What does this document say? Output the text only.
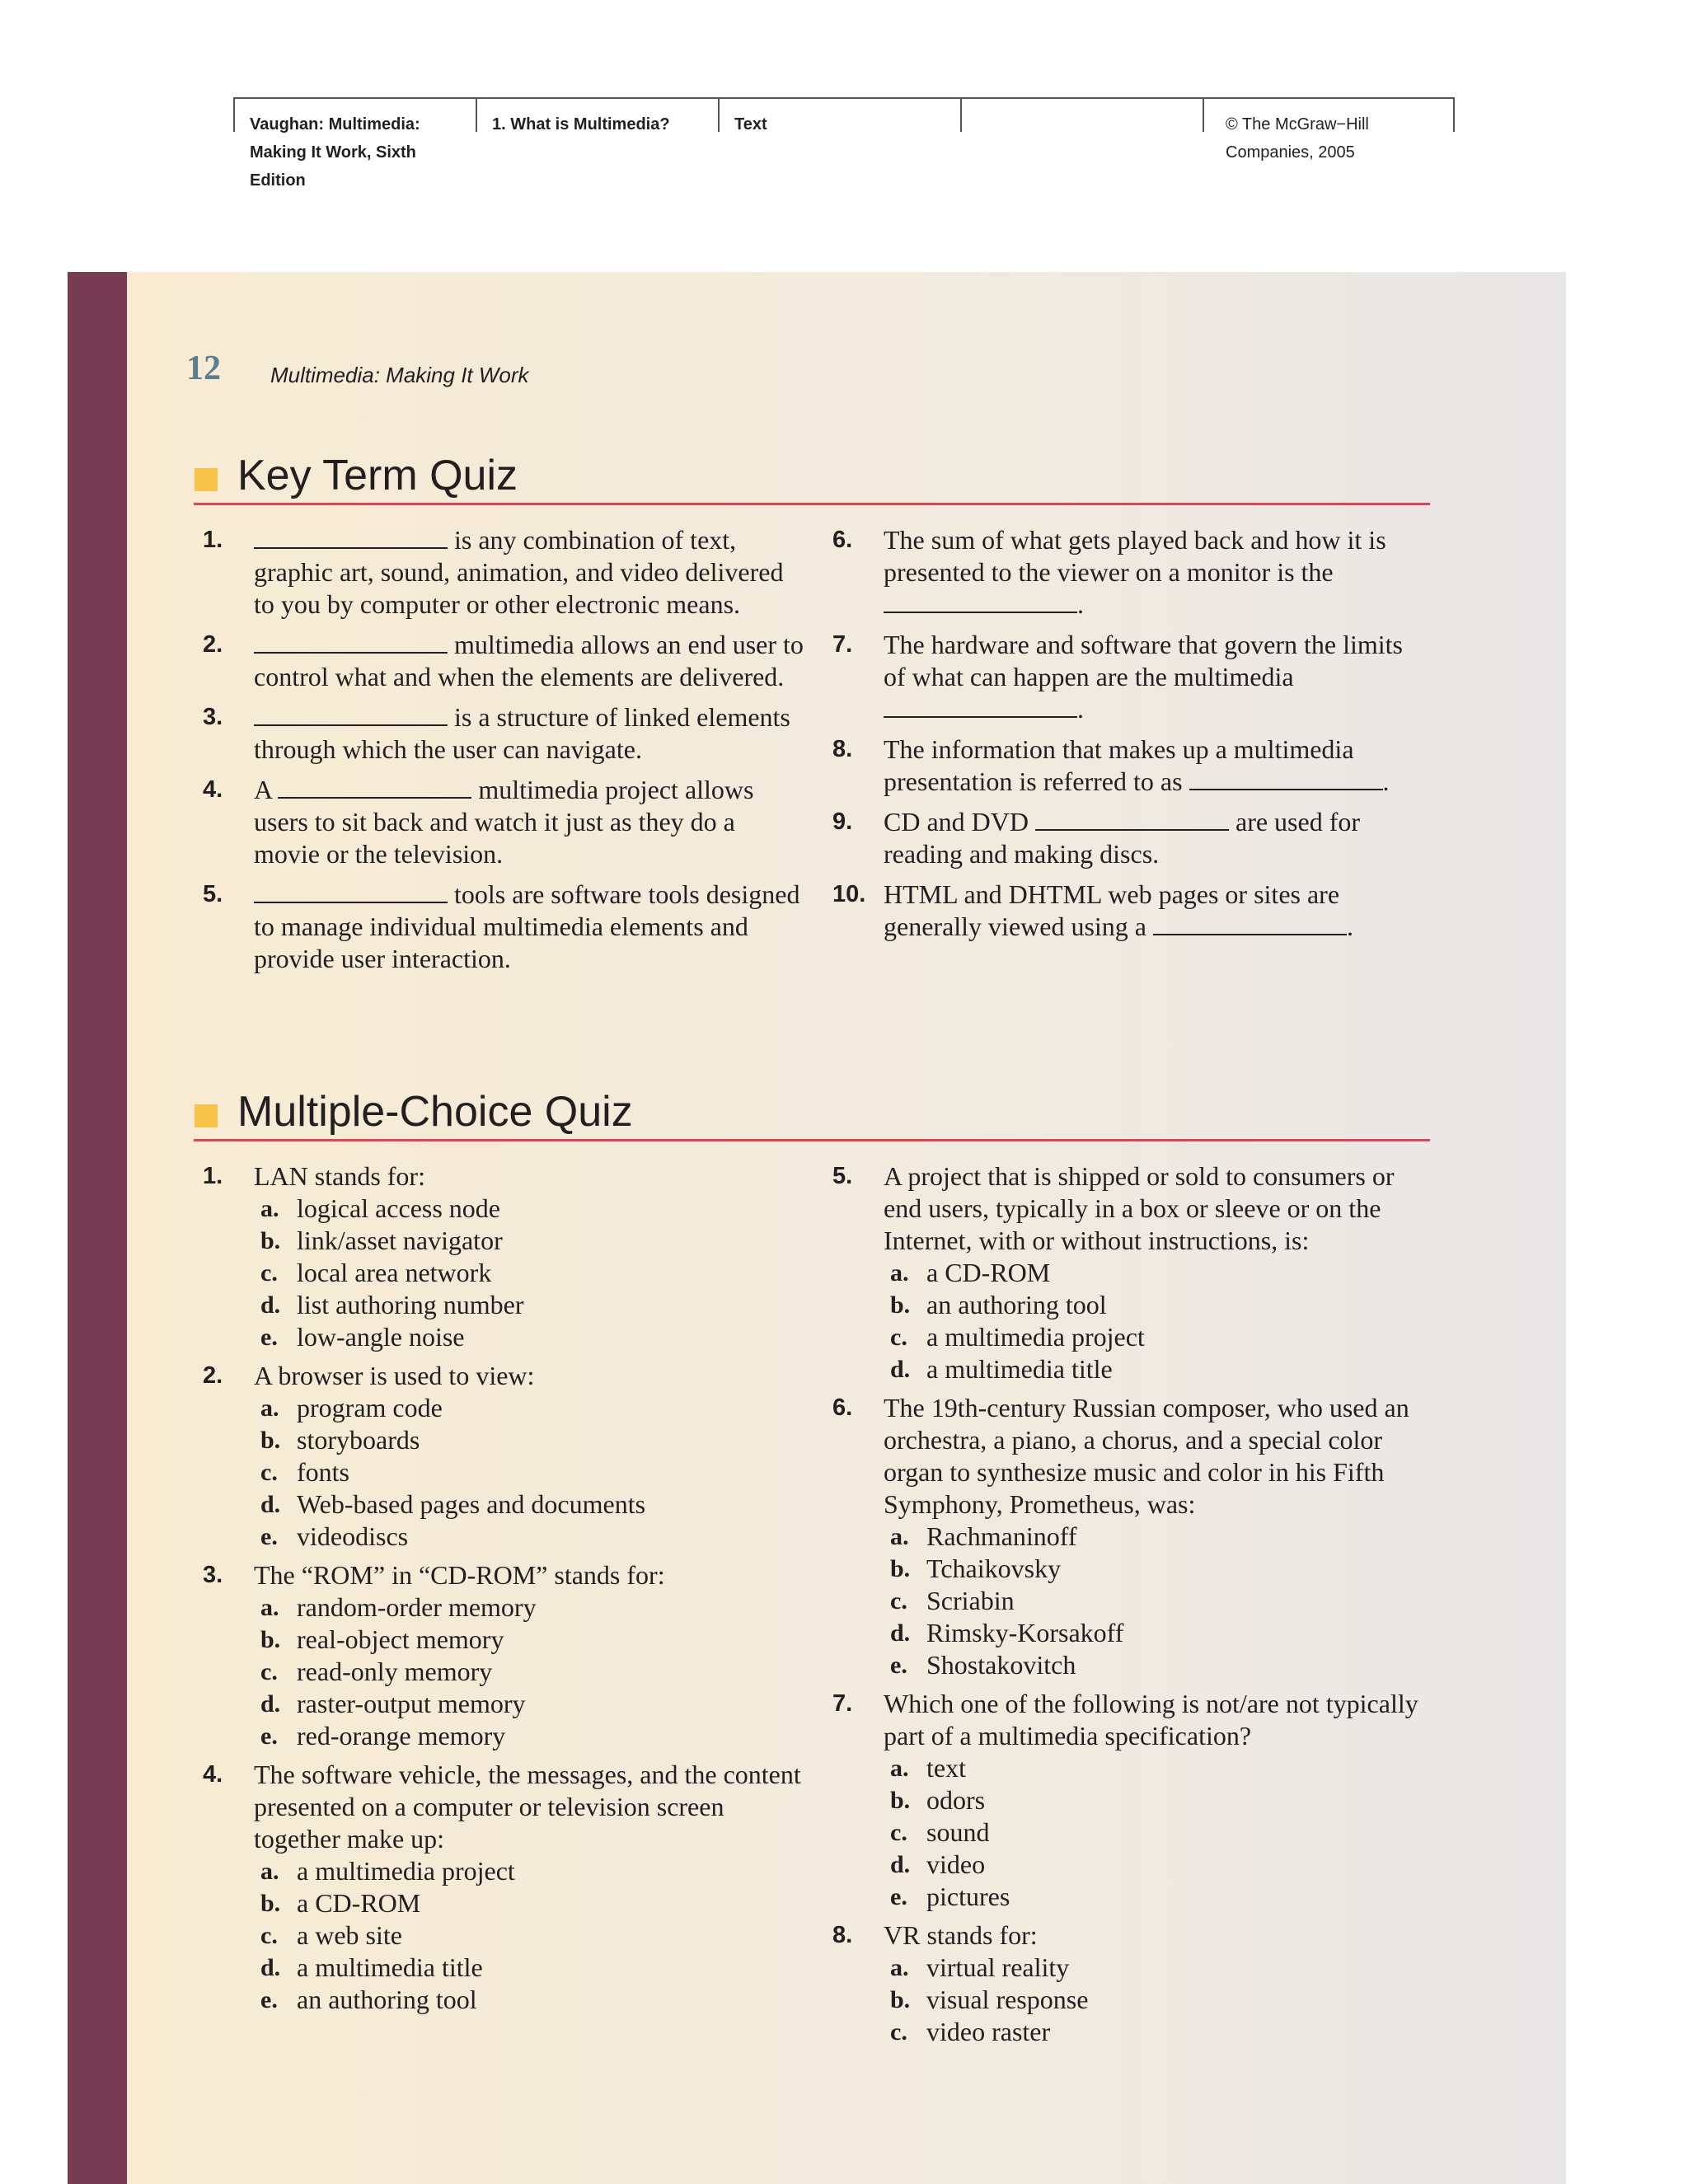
Vaughan: Multimedia:
Making It Work, Sixth
Edition
1. What is Multimedia?	Text	© The McGraw−Hill
Companies, 2005
12 Multimedia: Making It Work
Key Term Quiz
1.	is any combination of text, graphic art, sound, animation, and video delivered to you by computer or other electronic means.
2.	multimedia allows an end user to control what and when the elements are delivered.
3.	is a structure of linked elements through which the user can navigate.
4. A	multimedia project allows users to sit back and watch it just as they do a movie or the television.
5.	tools are software tools designed to manage individual multimedia elements and provide user interaction.
6. The sum of what gets played back and how it is presented to the viewer on a monitor is the .
7. The hardware and software that govern the limits of what can happen are the multimedia .
8. The information that makes up a multimedia presentation is referred to as	.
9. CD and DVD	are used for reading and making discs.
10. HTML and DHTML web pages or sites are generally viewed using a	.
Multiple-Choice Quiz
1. LAN stands for:
a. logical access node
b. link/asset navigator
c. local area network
d. list authoring number
e. low-angle noise
2. A browser is used to view:
a. program code
b. storyboards
c. fonts
d. Web-based pages and documents
e. videodiscs
3. The “ROM” in “CD-ROM” stands for:
a. random-order memory
b. real-object memory
c. read-only memory
d. raster-output memory
e. red-orange memory
4. The software vehicle, the messages, and the content presented on a computer or television screen together make up:
a. a multimedia project
b. a CD-ROM
c. a web site
d. a multimedia title
e. an authoring tool
5. A project that is shipped or sold to consumers or end users, typically in a box or sleeve or on the Internet, with or without instructions, is:
a. a CD-ROM
b. an authoring tool
c. a multimedia project
d. a multimedia title
6. The 19th-century Russian composer, who used an orchestra, a piano, a chorus, and a special color organ to synthesize music and color in his Fifth Symphony, Prometheus, was:
a. Rachmaninoff
b. Tchaikovsky
c. Scriabin
d. Rimsky-Korsakoff
e. Shostakovitch
7. Which one of the following is not/are not typically part of a multimedia specification?
a. text
b. odors
c. sound
d. video
e. pictures
8. VR stands for:
a. virtual reality
b. visual response
c. video raster
